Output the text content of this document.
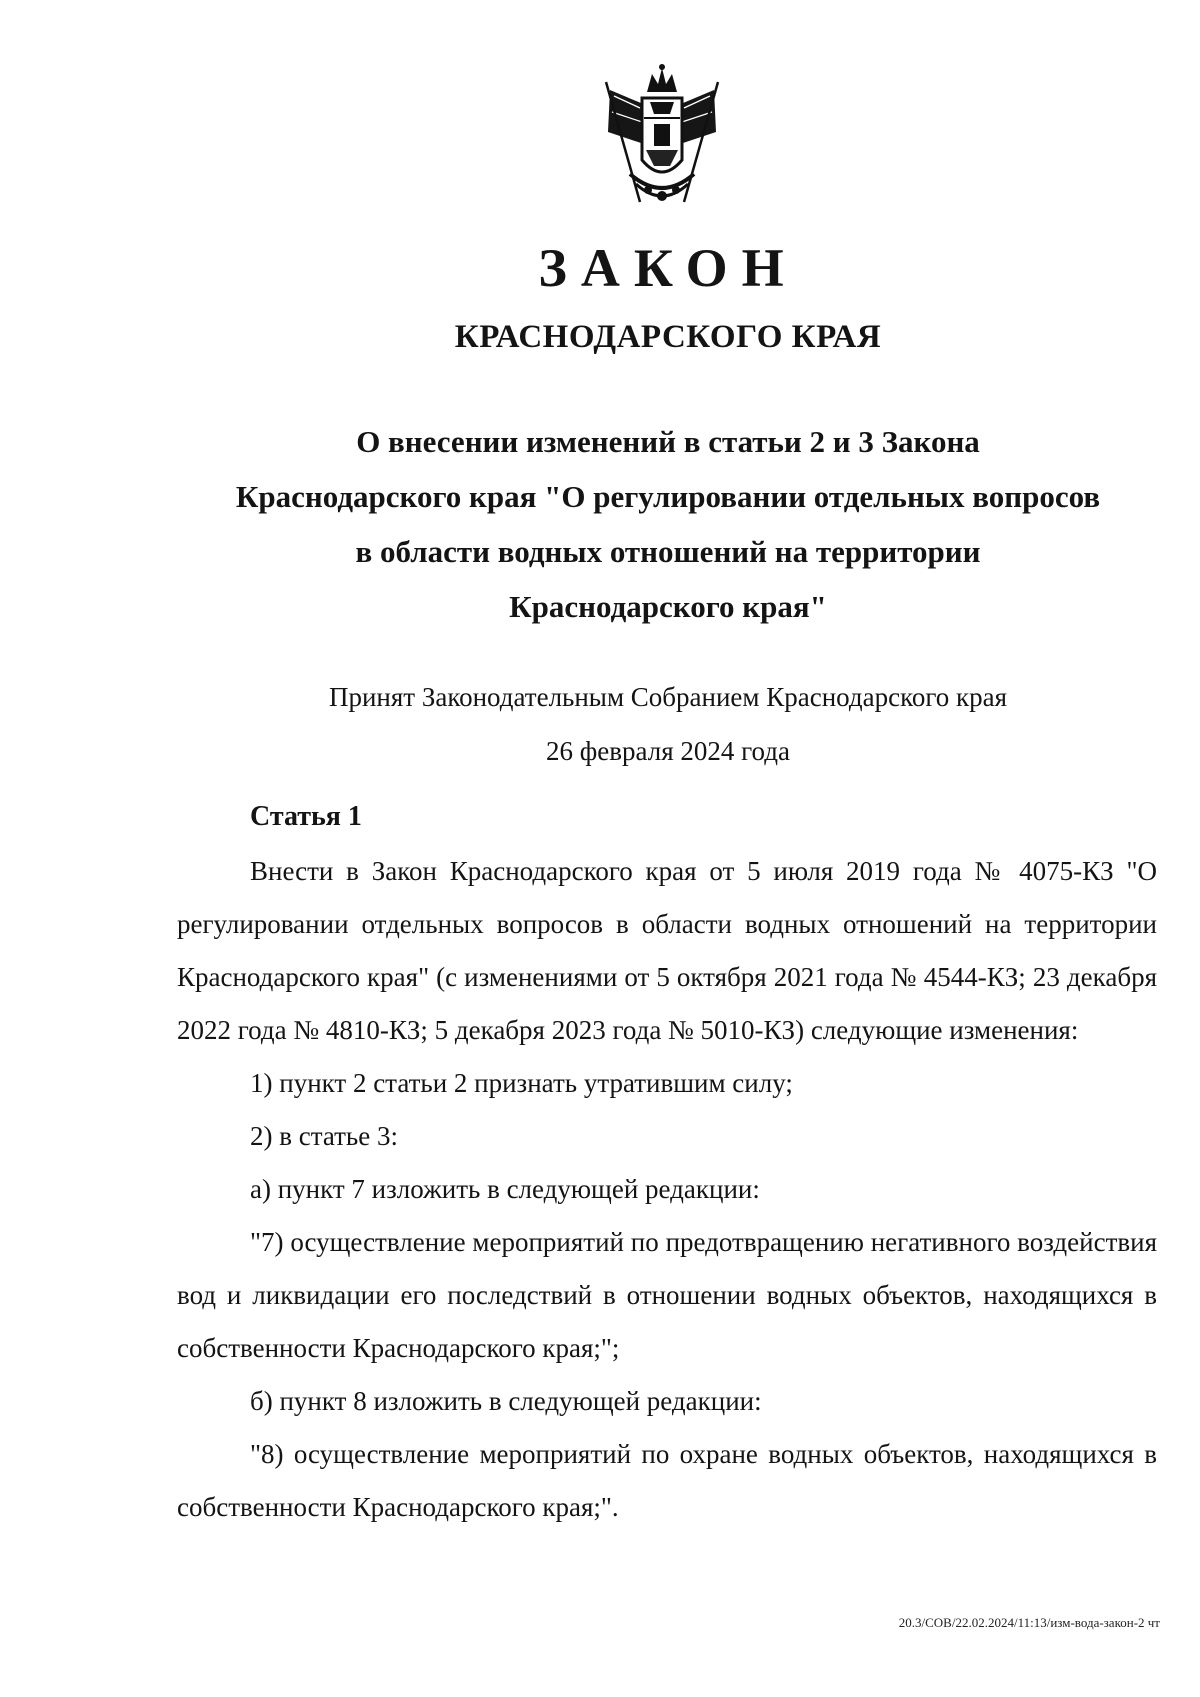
ЗАКОН
КРАСНОДАРСКОГО КРАЯ
О внесении изменений в статьи 2 и 3 Закона
Краснодарского края "О регулировании отдельных вопросов
в области водных отношений на территории
Краснодарского края"
Принят Законодательным Собранием Краснодарского края
26 февраля 2024 года
Статья 1

Внести в Закон Краснодарского края от 5 июля 2019 года № 4075-КЗ "О регулировании отдельных вопросов в области водных отношений на территории Краснодарского края" (с изменениями от 5 октября 2021 года № 4544-КЗ; 23 декабря 2022 года № 4810-КЗ; 5 декабря 2023 года № 5010-КЗ) следующие изменения:

1) пункт 2 статьи 2 признать утратившим силу;

2) в статье 3:

а) пункт 7 изложить в следующей редакции:

"7) осуществление мероприятий по предотвращению негативного воздействия вод и ликвидации его последствий в отношении водных объектов, находящихся в собственности Краснодарского края;";

б) пункт 8 изложить в следующей редакции:

"8) осуществление мероприятий по охране водных объектов, находящихся в собственности Краснодарского края;".

20.3/СОВ/22.02.2024/11:13/изм-вода-закон-2 чт
